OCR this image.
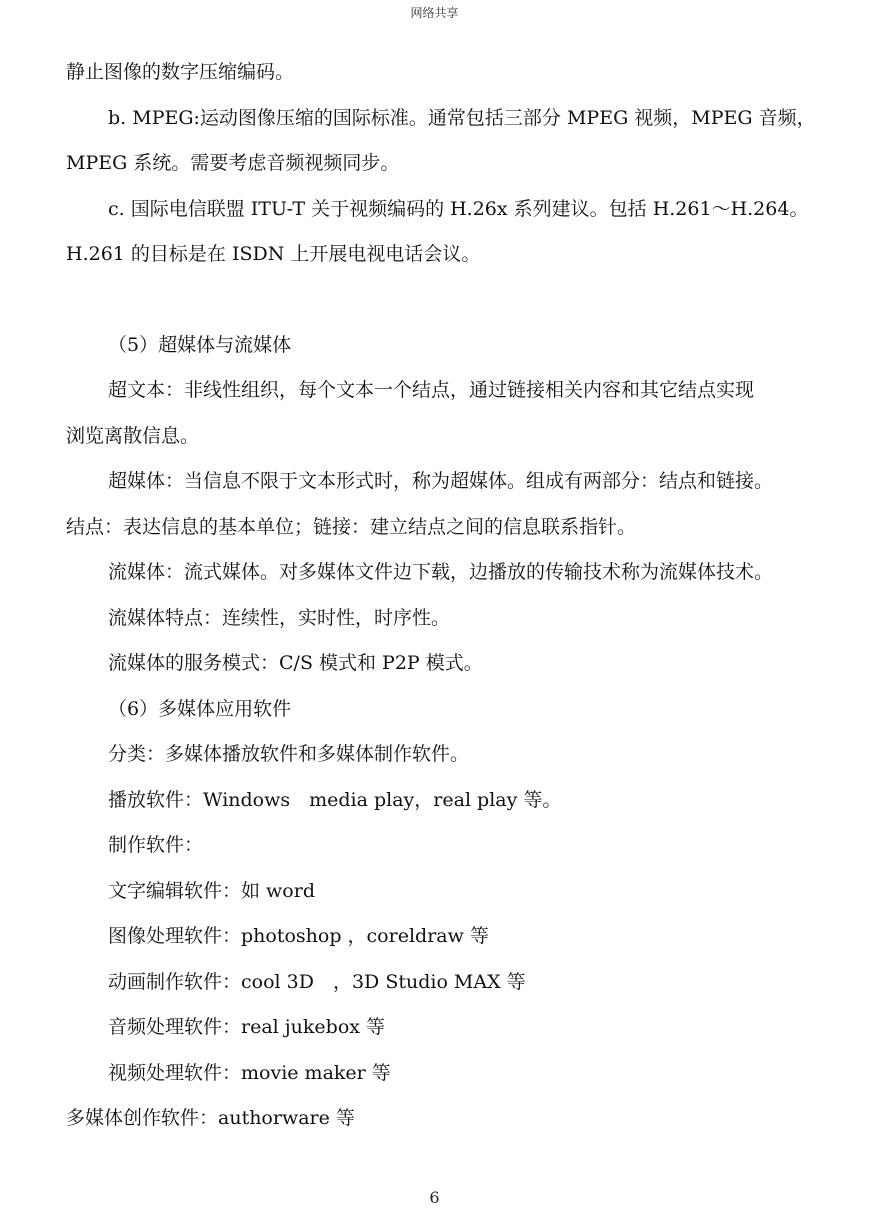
网络共享

静止图像的数字压缩编码。

b. MPEG:运动图像压缩的国际标准。通常包括三部分 MPEG 视频，MPEG 音频，

MPEG 系统。需要考虑音频视频同步。

c. 国际电信联盟 ITU-T 关于视频编码的 H.26x 系列建议。包括 H.261～H.264。

H.261 的目标是在 ISDN 上开展电视电话会议。

（5）超媒体与流媒体

超文本：非线性组织，每个文本一个结点，通过链接相关内容和其它结点实现

浏览离散信息。

超媒体：当信息不限于文本形式时，称为超媒体。组成有两部分：结点和链接。

结点：表达信息的基本单位；链接：建立结点之间的信息联系指针。

流媒体：流式媒体。对多媒体文件边下载，边播放的传输技术称为流媒体技术。

流媒体特点：连续性，实时性，时序性。

流媒体的服务模式：C/S 模式和 P2P 模式。

（6）多媒体应用软件

分类：多媒体播放软件和多媒体制作软件。

播放软件：Windows　media play，real play 等。

制作软件：

文字编辑软件：如 word

图像处理软件：photoshop ，coreldraw 等

动画制作软件：cool 3D　，3D Studio MAX 等

音频处理软件：real jukebox 等

视频处理软件：movie maker 等

多媒体创作软件：authorware 等

6
